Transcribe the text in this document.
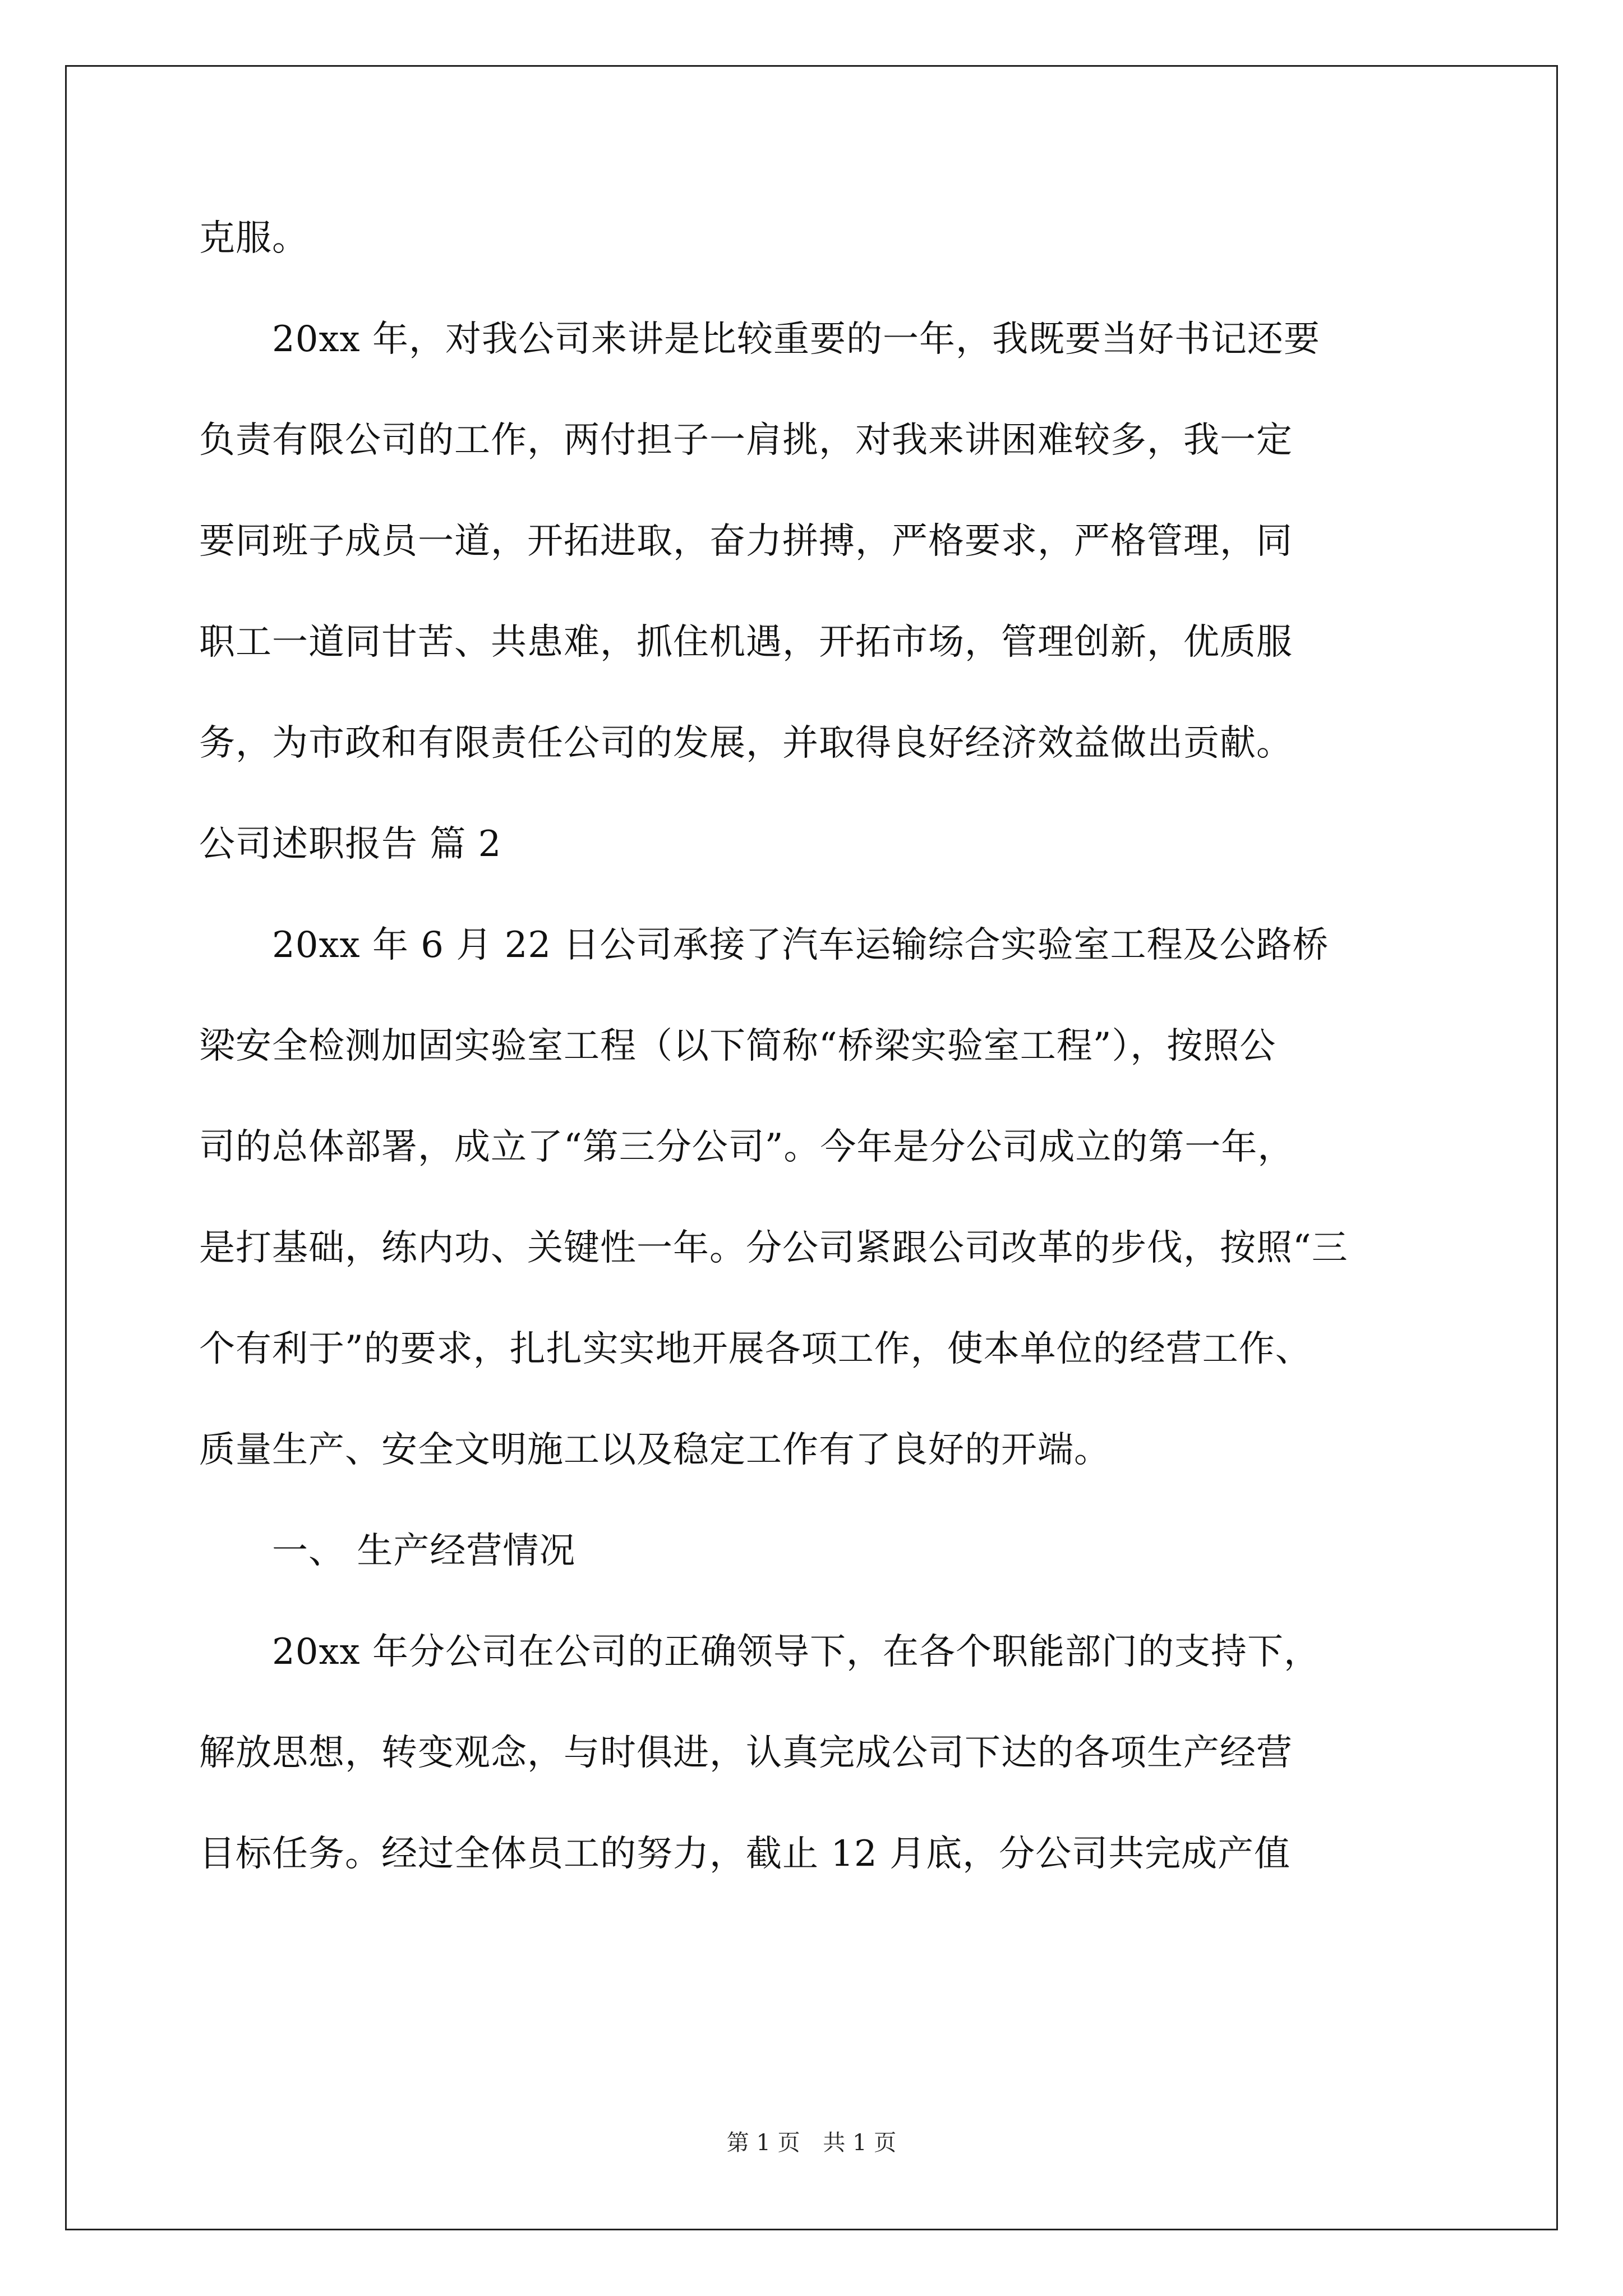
克服。
20xx 年，对我公司来讲是比较重要的一年，我既要当好书记还要
负责有限公司的工作，两付担子一肩挑，对我来讲困难较多，我一定
要同班子成员一道，开拓进取，奋力拼搏，严格要求，严格管理，同
职工一道同甘苦、共患难，抓住机遇，开拓市场，管理创新，优质服
务，为市政和有限责任公司的发展，并取得良好经济效益做出贡献。
公司述职报告 篇 2
20xx 年 6 月 22 日公司承接了汽车运输综合实验室工程及公路桥
梁安全检测加固实验室工程（以下简称“桥梁实验室工程”），按照公
司的总体部署，成立了“第三分公司”。今年是分公司成立的第一年，
是打基础，练内功、关键性一年。分公司紧跟公司改革的步伐，按照“三
个有利于”的要求，扎扎实实地开展各项工作，使本单位的经营工作、
质量生产、安全文明施工以及稳定工作有了良好的开端。
一、 生产经营情况
20xx 年分公司在公司的正确领导下，在各个职能部门的支持下，
解放思想，转变观念，与时俱进，认真完成公司下达的各项生产经营
目标任务。经过全体员工的努力，截止 12 月底，分公司共完成产值
第 1 页 共 1 页
